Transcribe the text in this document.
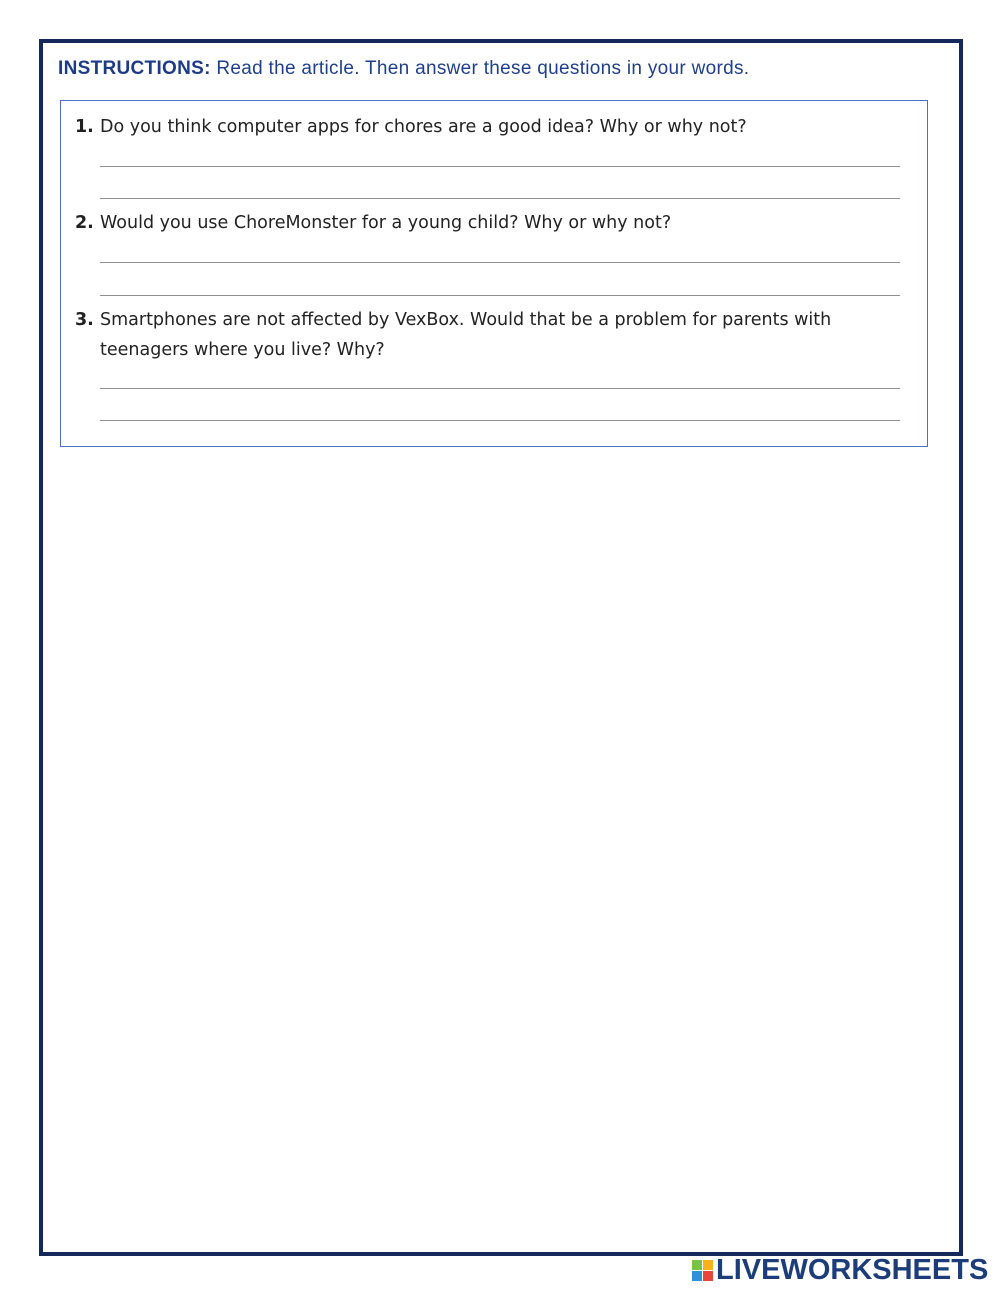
INSTRUCTIONS: Read the article. Then answer these questions in your words.
1. Do you think computer apps for chores are a good idea? Why or why not?
2. Would you use ChoreMonster for a young child? Why or why not?
3. Smartphones are not affected by VexBox. Would that be a problem for parents with teenagers where you live? Why?
LIVEWORKSHEETS
